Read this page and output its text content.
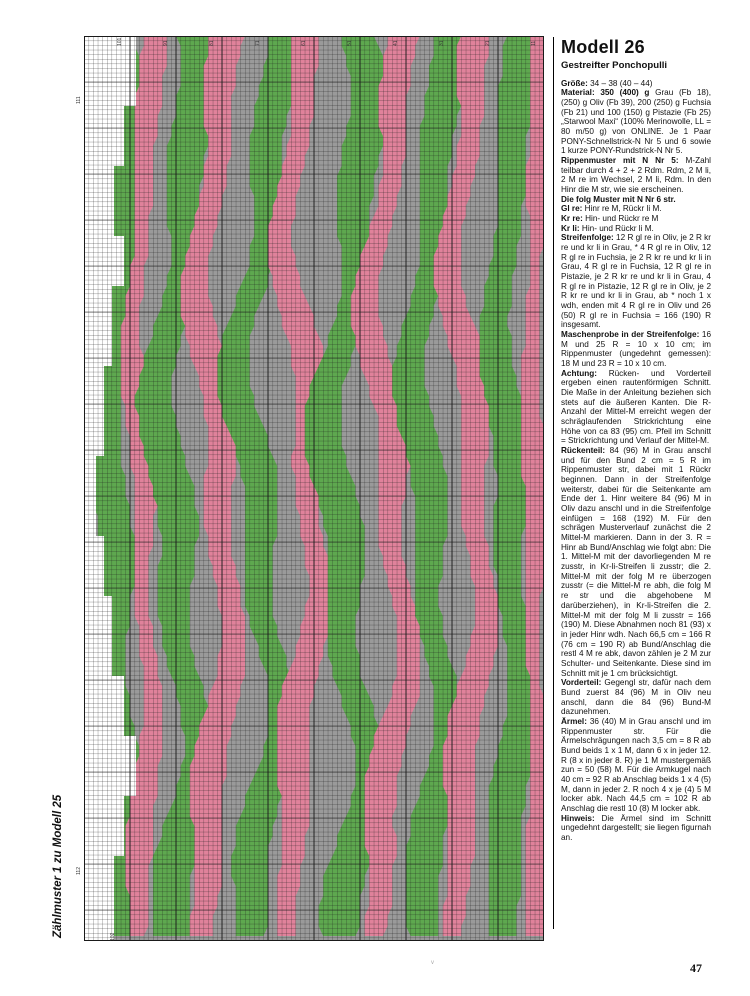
Zählmuster 1 zu Modell 25
101	91	81	71	61	51	41	31	21	11
111
112
102
Modell 26
Gestreifter Ponchopulli

Größe: 34 – 38 (40 – 44)

Material: 350 (400) g Grau (Fb 18), (250) g Oliv (Fb 39), 200 (250) g Fuchsia (Fb 21) und 100 (150) g Pistazie (Fb 25) „Starwool Maxi“ (100% Merinowolle, LL = 80 m/50 g) von ONLINE. Je 1 Paar PONY-Schnellstrick-N Nr 5 und 6 sowie 1 kurze PONY-Rundstrick-N Nr 5.

Rippenmuster mit N Nr 5: M-Zahl teilbar durch 4 + 2 + 2 Rdm. Rdm, 2 M li, 2 M re im Wechsel, 2 M li, Rdm. In den Hinr die M str, wie sie erscheinen.

Die folg Muster mit N Nr 6 str.

Gl re: Hinr re M, Rückr li M.

Kr re: Hin- und Rückr re M

Kr li: Hin- und Rückr li M.

Streifenfolge: 12 R gl re in Oliv, je 2 R kr re und kr li in Grau, * 4 R gl re in Oliv, 12 R gl re in Fuchsia, je 2 R kr re und kr li in Grau, 4 R gl re in Fuchsia, 12 R gl re in Pistazie, je 2 R kr re und kr li in Grau, 4 R gl re in Pistazie, 12 R gl re in Oliv, je 2 R kr re und kr li in Grau, ab * noch 1 x wdh, enden mit 4 R gl re in Oliv und 26 (50) R gl re in Fuchsia = 166 (190) R insgesamt.

Maschenprobe in der Streifenfolge: 16 M und 25 R = 10 x 10 cm; im Rippenmuster (ungedehnt gemessen): 18 M und 23 R = 10 x 10 cm.

Achtung: Rücken- und Vorderteil ergeben einen rautenförmigen Schnitt. Die Maße in der Anleitung beziehen sich stets auf die äußeren Kanten. Die R-Anzahl der Mittel-M erreicht wegen der schräglaufenden Strickrichtung eine Höhe von ca 83 (95) cm. Pfeil im Schnitt = Strickrichtung und Verlauf der Mittel-M.

Rückenteil: 84 (96) M in Grau anschl und für den Bund 2 cm = 5 R im Rippenmuster str, dabei mit 1 Rückr beginnen. Dann in der Streifenfolge weiterstr, dabei für die Seitenkante am Ende der 1. Hinr weitere 84 (96) M in Oliv dazu anschl und in die Streifenfolge einfügen = 168 (192) M. Für den schrägen Musterverlauf zunächst die 2 Mittel-M markieren. Dann in der 3. R = Hinr ab Bund/Anschlag wie folgt abn: Die 1. Mittel-M mit der davorliegenden M re zusstr, in Kr-li-Streifen li zusstr; die 2. Mittel-M mit der folg M re überzogen zusstr (= die Mittel-M re abh, die folg M re str und die abgehobene M darüberziehen), in Kr-li-Streifen die 2. Mittel-M mit der folg M li zusstr = 166 (190) M. Diese Abnahmen noch 81 (93) x in jeder Hinr wdh. Nach 66,5 cm = 166 R (76 cm = 190 R) ab Bund/Anschlag die restl 4 M re abk, davon zählen je 2 M zur Schulter- und Seitenkante. Diese sind im Schnitt mit je 1 cm brücksichtigt.

Vorderteil: Gegengl str, dafür nach dem Bund zuerst 84 (96) M in Oliv neu anschl, dann die 84 (96) Bund-M dazunehmen.

Ärmel: 36 (40) M in Grau anschl und im Rippenmuster str. Für die Ärmelschrägungen nach 3,5 cm = 8 R ab Bund beids 1 x 1 M, dann 6 x in jeder 12. R (8 x in jeder 8. R) je 1 M mustergemäß zun = 50 (58) M. Für die Armkugel nach 40 cm = 92 R ab Anschlag beids 1 x 4 (5) M, dann in jeder 2. R noch 4 x je (4) 5 M locker abk. Nach 44,5 cm = 102 R ab Anschlag die restl 10 (8) M locker abk.

Hinweis: Die Ärmel sind im Schnitt ungedehnt dargestellt; sie liegen figurnah an.

v	47
